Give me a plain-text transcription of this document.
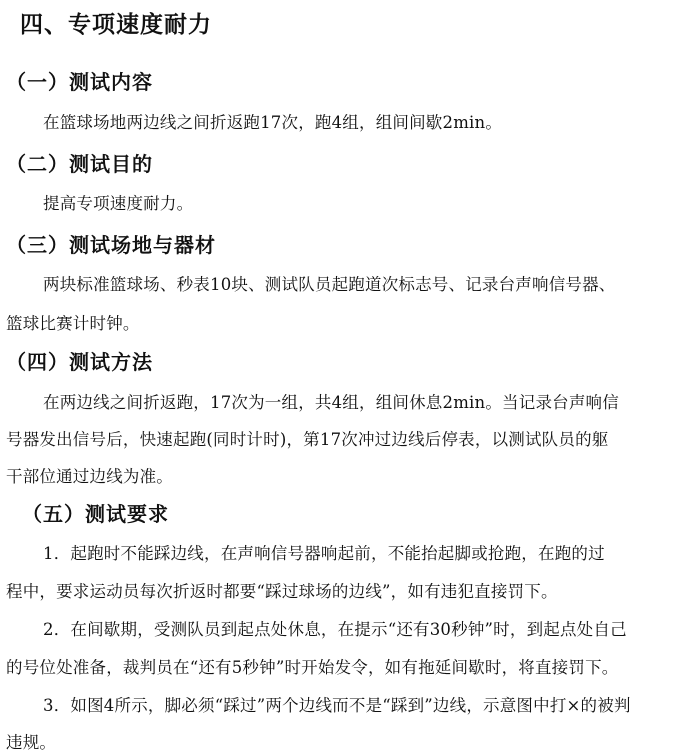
四、专项速度耐力
（一）测试内容
在篮球场地两边线之间折返跑17次，跑4组，组间间歇2min。
（二）测试目的
提高专项速度耐力。
（三）测试场地与器材
两块标准篮球场、秒表10块、测试队员起跑道次标志号、记录台声响信号器、
篮球比赛计时钟。
（四）测试方法
在两边线之间折返跑，17次为一组，共4组，组间休息2min。当记录台声响信
号器发出信号后，快速起跑(同时计时)，第17次冲过边线后停表，以测试队员的躯
干部位通过边线为准。
（五）测试要求
1．起跑时不能踩边线，在声响信号器响起前，不能抬起脚或抢跑，在跑的过
程中，要求运动员每次折返时都要“踩过球场的边线”，如有违犯直接罚下。
2．在间歇期，受测队员到起点处休息，在提示“还有30秒钟”时，到起点处自己
的号位处准备，裁判员在“还有5秒钟”时开始发令，如有拖延间歇时，将直接罚下。
3．如图4所示，脚必须“踩过”两个边线而不是“踩到”边线，示意图中打×的被判
违规。
